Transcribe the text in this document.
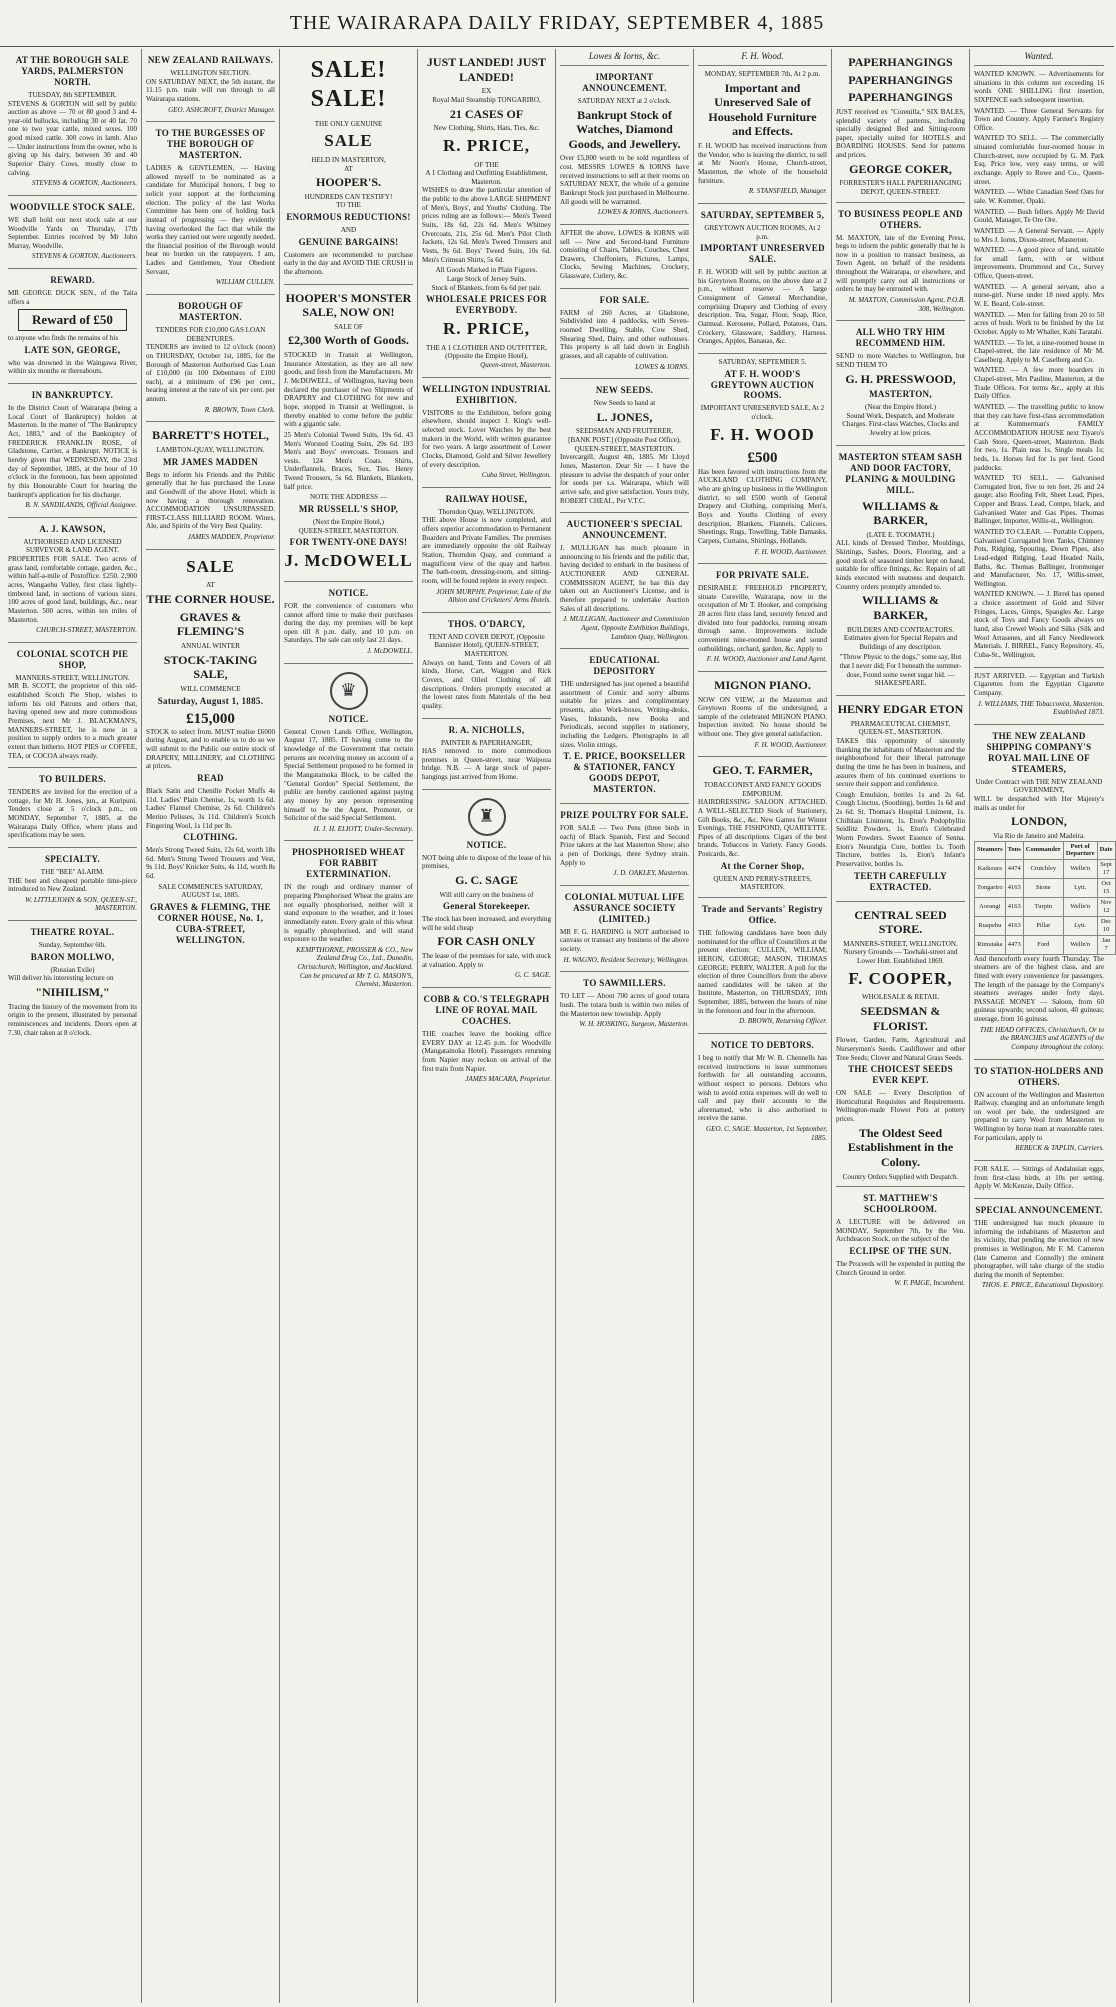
THE WAIRARAPA DAILY FRIDAY, SEPTEMBER 4, 1885
AT THE BOROUGH SALE YARDS, PALMERSTON NORTH.
TUESDAY, 8th SEPTEMBER.

STEVENS & GORTON will sell by public auction as above — 70 or 80 good 3 and 4-year-old bullocks, including 30 or 40 fat. 70 one to two year cattle, mixed sexes. 100 good mixed cattle. 300 cows in lamb. Also — Under instructions from the owner, who is giving up his dairy, between 30 and 40 Superior Dairy Cows, mostly close to calving.

STEVENS & GORTON, Auctioneers.

WOODVILLE STOCK SALE.

WE shall hold our next stock sale at our Woodville Yards on Thursday, 17th September. Entries received by Mr John Murray, Woodville.

STEVENS & GORTON, Auctioneers.

REWARD.

MR GEORGE DUCK SEN., of the Taita offers a

Reward of £50

to anyone who finds the remains of his

LATE SON, GEORGE,

who was drowned in the Waingawa River, within six months or thereabouts.

IN BANKRUPTCY.

In the District Court of Wairarapa (being a Local Court of Bankruptcy) holden at Masterton. In the matter of "The Bankruptcy Act, 1883," and of the Bankruptcy of FREDERICK FRANKLIN ROSE, of Gladstone, Carrier, a Bankrupt. NOTICE is hereby given that WEDNESDAY, the 23rd day of September, 1885, at the hour of 10 o'clock in the forenoon, has been appointed by this Honourable Court for hearing the bankrupt's application for his discharge.

B. N. SANDILANDS, Official Assignee.

A. J. KAWSON,
AUTHORISED AND LICENSED SURVEYOR & LAND AGENT.

PROPERTIES FOR SALE. Two acres of grass land, comfortable cottage, garden, &c., within half-a-mile of Postoffice. £250. 2,900 acres, Wangaehu Valley, first class lightly-timbered land, in sections of various sizes. 100 acres of good land, buildings, &c., near Masterton. 500 acres, within ten miles of Masterton.

CHURCH-STREET, MASTERTON.

COLONIAL SCOTCH PIE SHOP,
MANNERS-STREET, WELLINGTON.

MR B. SCOTT, the proprietor of this old-established Scotch Pie Shop, wishes to inform his old Patrons and others that, having opened new and more commodious Premises, next Mr J. BLACKMAN'S, MANNERS-STREET, he is now in a position to supply orders to a much greater extent than hitherto. HOT PIES or COFFEE, TEA, or COCOA always ready.

TO BUILDERS.

TENDERS are invited for the erection of a cottage, for Mr H. Jones, jun., at Kuripuni. Tenders close at 5 o'clock p.m., on MONDAY, September 7, 1885, at the Wairarapa Daily Office, where plans and specifications may be seen.

SPECIALTY.
THE "BEE" ALARM.

THE best and cheapest portable time-piece introduced to New Zealand.

W. LITTLEJOHN & SON, QUEEN-ST., MASTERTON.

THEATRE ROYAL.
Sunday, September 6th.
BARON MOLLWO,
(Russian Exile)

Will deliver his interesting lecture on

"NIHILISM,"

Tracing the history of the movement from its origin to the present, illustrated by personal reminiscences and incidents. Doors open at 7.30, chair taken at 8 o'clock.

NEW ZEALAND RAILWAYS.
WELLINGTON SECTION.

ON SATURDAY NEXT, the 5th instant, the 11.15 p.m. train will run through to all Wairarapa stations.

GEO. ASHCROFT, District Manager.

TO THE BURGESSES OF THE BOROUGH OF MASTERTON.

LADIES & GENTLEMEN, — Having allowed myself to be nominated as a candidate for Municipal honors, I beg to solicit your support at the forthcoming election. The policy of the last Works Committee has been one of holding back instead of progressing — they evidently having overlooked the fact that while the works they carried out were urgently needed, the financial position of the Borough would bear no burden on the ratepayers. I am, Ladies and Gentlemen, Your Obedient Servant,

WILLIAM CULLEN.

BOROUGH OF MASTERTON.
TENDERS FOR £10,000 GAS LOAN DEBENTURES.

TENDERS are invited to 12 o'clock (noon) on THURSDAY, October 1st, 1885, for the Borough of Masterton Authorised Gas Loan of £10,000 (in 100 Debentures of £100 each), at a minimum of £96 per cent., bearing interest at the rate of six per cent. per annum.

R. BROWN, Town Clerk.

BARRETT'S HOTEL,
LAMBTON-QUAY, WELLINGTON.
MR JAMES MADDEN

Begs to inform his Friends and the Public generally that he has purchased the Lease and Goodwill of the above Hotel, which is now having a thorough renovation. ACCOMMODATION UNSURPASSED. FIRST-CLASS BILLIARD ROOM. Wines, Ale, and Spirits of the Very Best Quality.

JAMES MADDEN, Proprietor.

SALE
AT
THE CORNER HOUSE.
GRAVES & FLEMING'S
ANNUAL WINTER
STOCK-TAKING SALE,
WILL COMMENCE
Saturday, August 1, 1885.
£15,000

STOCK to select from. MUST realise £6000 during August, and to enable us to do so we will submit to the Public our entire stock of DRAPERY, MILLINERY, and CLOTHING at prices.

READ

Black Satin and Chenille Pocket Muffs 4s 11d. Ladies' Plain Chenise, 1s, worth 1s 6d. Ladies' Flannel Chemise, 2s 6d. Children's Merino Pelisses, 3s 11d. Children's Scotch Fingering Wool, 1s 11d per lb.

CLOTHING.

Men's Strong Tweed Suits, 12s 6d, worth 18s 6d. Men's Strong Tweed Trousers and Vest, 9s 11d. Boys' Knicker Suits, 4s 11d, worth 8s 6d.

SALE COMMENCES SATURDAY, AUGUST 1st, 1885.
GRAVES & FLEMING, THE CORNER HOUSE, No. 1, CUBA-STREET, WELLINGTON.
SALE! SALE!
THE ONLY GENUINE
SALE
HELD IN MASTERTON,
AT
HOOPER'S.
HUNDREDS CAN TESTIFY!
TO THE
ENORMOUS REDUCTIONS!
AND
GENUINE BARGAINS!

Customers are recommended to purchase early in the day and AVOID THE CRUSH in the afternoon.

HOOPER'S MONSTER SALE, NOW ON!
SALE OF
£2,300 Worth of Goods.

STOCKED in Transit at Wellington, Insurance Attestation, as they are all new goods, and fresh from the Manufacturers. Mr J. McDOWELL, of Wellington, having been declared the purchaser of two Shipments of DRAPERY and CLOTHING for new and hope, stopped in Transit at Wellington, is thereby enabled to come before the public with a gigantic sale.

25 Men's Colonial Tweed Suits, 19s 6d. 43 Men's Worsted Coating Suits, 29s 6d. 193 Men's and Boys' overcoats. Trousers and vests. 124 Men's Coats. Shirts, Underflannels, Braces, Sox, Ties. Henry Tweed Trousers, 5s 6d. Blankets, Blankets, half price.

NOTE THE ADDRESS —
MR RUSSELL'S SHOP,
(Next the Empire Hotel,)
QUEEN-STREET, MASTERTON.
FOR TWENTY-ONE DAYS!
J. McDOWELL
NOTICE.

FOR the convenience of customers who cannot afford time to make their purchases during the day, my premises will be kept open till 8 p.m. daily, and 10 p.m. on Saturdays. The sale can only last 21 days.

J. McDOWELL.

♛
NOTICE.

General Crown Lands Office, Wellington, August 17, 1885. IT having come to the knowledge of the Government that certain persons are receiving money on account of a Special Settlement proposed to be formed in the Mangatainoka Block, to be called the "General Gordon" Special Settlement, the public are hereby cautioned against paying any money by any person representing himself to be the Agent, Promoter, or Solicitor of the said Special Settlement.

H. J. H. ELIOTT, Under-Secretary.

PHOSPHORISED WHEAT FOR RABBIT EXTERMINATION.

IN the rough and ordinary manner of preparing Phosphorised Wheat the grains are not equally phosphorised, neither will it stand exposure to the weather, and it loses immediately eaten. Every grain of this wheat is equally phosphorised, and will stand exposure to the weather.

KEMPTHORNE, PROSSER & CO., New Zealand Drug Co., Ltd., Dunedin, Christchurch, Wellington, and Auckland. Can be procured at Mr T. G. MASON'S, Chemist, Masterton.

JUST LANDED! JUST LANDED!
EX
Royal Mail Steamship TONGARIRO,
21 CASES OF
New Clothing, Shirts, Hats, Ties, &c.
R. PRICE,
OF THE
A 1 Clothing and Outfitting Establishment, Masterton.

WISHES to draw the particular attention of the public to the above LARGE SHIPMENT of Men's, Boys', and Youths' Clothing. The prices ruling are as follows:— Men's Tweed Suits, 18s 6d, 22s 6d. Men's Whitney Overcoats, 21s, 25s 6d. Men's Pilot Cloth Jackets, 12s 6d. Men's Tweed Trousers and Vests, 9s 6d. Boys' Tweed Suits, 10s 6d. Men's Crimean Shirts, 5s 6d.

All Goods Marked in Plain Figures.
Large Stock of Jersey Suits.
Stock of Blankets, from 6s 6d per pair.
WHOLESALE PRICES FOR EVERYBODY.
R. PRICE,
THE A 1 CLOTHIER AND OUTFITTER,
(Opposite the Empire Hotel),

Queen-street, Masterton.

WELLINGTON INDUSTRIAL EXHIBITION.

VISITORS to the Exhibition, before going elsewhere, should inspect J. King's well-selected stock. Lover Watches by the best makers in the World, with written guarantee for two years. A large assortment of Lower Clocks, Diamond, Gold and Silver Jewellery of every description.

Cuba Street, Wellington.

RAILWAY HOUSE,
Thorndon Quay, WELLINGTON.

THE above House is now completed, and offers superior accommodation to Permanent Boarders and Private Families. The premises are immediately opposite the old Railway Station, Thorndon Quay, and command a magnificent view of the quay and harbor. The bath-room, dressing-room, and sitting-room, will be found replete in every respect.

JOHN MURPHY, Proprietor, Late of the Albion and Cricketers' Arms Hotels.

THOS. O'DARCY,
TENT AND COVER DEPOT, (Opposite Bannister Hotel), QUEEN-STREET, MASTERTON.

Always on hand, Tents and Covers of all kinds, Horse, Cart, Waggon and Rick Covers, and Oiled Clothing of all descriptions. Orders promptly executed at the lowest rates from Materials of the best quality.

R. A. NICHOLLS,
PAINTER & PAPERHANGER,

HAS removed to more commodious premises in Queen-street, near Waipoua bridge. N.B. — A large stock of paper-hangings just arrived from Home.

♜
NOTICE.

NOT being able to dispose of the lease of his premises,

G. C. SAGE
Will still carry on the business of
General Storekeeper.

The stock has been increased, and everything will be sold cheap

FOR CASH ONLY

The lease of the premises for sale, with stock at valuation. Apply to

G. C. SAGE.

COBB & CO.'S TELEGRAPH LINE OF ROYAL MAIL COACHES.

THE coaches leave the booking office EVERY DAY at 12.45 p.m. for Woodville (Mangatainoka Hotel). Passengers returning from Napier may reckon on arrival of the first train from Napier.

JAMES MACARA, Proprietor.

Lowes & Iorns, &c.
IMPORTANT ANNOUNCEMENT.
SATURDAY NEXT at 2 o'clock.
Bankrupt Stock of Watches, Diamond Goods, and Jewellery.

Over £5,800 worth to be sold regardless of cost. MESSRS LOWES & IORNS have received instructions to sell at their rooms on SATURDAY NEXT, the whole of a genuine Bankrupt Stock just purchased in Melbourne. All goods will be warranted.

LOWES & IORNS, Auctioneers.

AFTER the above, LOWES & IORNS will sell — New and Second-hand Furniture consisting of Chairs, Tables, Couches, Chest Drawers, Cheffoniers, Pictures, Lamps, Clocks, Sewing Machines, Crockery, Glassware, Cutlery, &c.

FOR SALE.

FARM of 260 Acres, at Gladstone, Subdivided into 4 paddocks, with Seven-roomed Dwelling, Stable, Cow Shed, Shearing Shed, Dairy, and other outhouses. This property is all laid down in English grasses, and all capable of cultivation.

LOWES & IORNS.

NEW SEEDS.
New Seeds to hand at
L. JONES,
SEEDSMAN AND FRUITERER,
[BANK POST.] (Opposite Post Office), QUEEN-STREET, MASTERTON.

Invercargill, August 4th, 1885. Mr Lloyd Jones, Masterton. Dear Sir — I have the pleasure to advise the despatch of your order for seeds per s.s. Wairarapa, which will arrive safe, and give satisfaction. Yours truly, ROBERT CHEAL, Per V.T.C.

AUCTIONEER'S SPECIAL ANNOUNCEMENT.

J. MULLIGAN has much pleasure in announcing to his friends and the public that, having decided to embark in the business of AUCTIONEER AND GENERAL COMMISSION AGENT, he has this day taken out an Auctioneer's License, and is therefore prepared to undertake Auction Sales of all descriptions.

J. MULLIGAN, Auctioneer and Commission Agent, Opposite Exhibition Buildings, Lambton Quay, Wellington.

EDUCATIONAL DEPOSITORY

THE undersigned has just opened a beautiful assortment of Comic and sorry albums suitable for prizes and complimentary presents, also Work-boxes, Writing-desks, Vases, Inkstands, new Books and Periodicals, second supplies in stationery, including the Ledgers. Photographs in all sizes. Violin strings.

T. E. PRICE, BOOKSELLER & STATIONER, FANCY GOODS DEPOT, MASTERTON.
PRIZE POULTRY FOR SALE.

FOR SALE — Two Pens (three birds in each) of Black Spanish, First and Second Prize takers at the last Masterton Show; also a pen of Dorkings, three Sydney strain. Apply to

J. D. OAKLEY, Masterton.

COLONIAL MUTUAL LIFE ASSURANCE SOCIETY (LIMITED.)

MR F. G. HARDING is NOT authorised to canvass or transact any business of the above society.

H. WAGNO, Resident Secretary, Wellington.

TO SAWMILLERS.

TO LET — About 700 acres of good totara bush. The totara bush is within two miles of the Masterton new township. Apply

W. H. HOSKING, Surgeon, Masterton.

F. H. Wood.
MONDAY, SEPTEMBER 7th, At 2 p.m.
Important and Unreserved Sale of Household Furniture and Effects.

F. H. WOOD has received instructions from the Vendor, who is leaving the district, to sell at Mr Noon's House, Church-street, Masterton, the whole of the household furniture.

R. STANSFIELD, Manager.

SATURDAY, SEPTEMBER 5,
GREYTOWN AUCTION ROOMS, At 2 p.m.
IMPORTANT UNRESERVED SALE.

F. H. WOOD will sell by public auction at his Greytown Rooms, on the above date at 2 p.m., without reserve — A large Consignment of General Merchandise, comprising Drapery and Clothing of every description. Tea, Sugar, Flour, Soap, Rice, Oatmeal. Kerosene, Pollard, Potatoes, Oats, Crockery, Glassware, Saddlery, Harness. Oranges, Apples, Bananas, &c.

SATURDAY, SEPTEMBER 5.
AT F. H. WOOD'S GREYTOWN AUCTION ROOMS.
IMPORTANT UNRESERVED SALE, At 2 o'clock.
F. H. WOOD
£500

Has been favored with instructions from the AUCKLAND CLOTHING COMPANY, who are giving up business in the Wellington district, to sell £500 worth of General Drapery and Clothing, comprising Men's, Boys and Youths Clothing of every description, Blankets, Flannels, Calicoes, Sheetings, Rugs, Towelling, Table Damasks, Carpets, Curtains, Shirtings, Hollands.

F. H. WOOD, Auctioneer.

FOR PRIVATE SALE.

DESIRABLE FREEHOLD PROPERTY, situate Cureville, Wairarapa, now in the occupation of Mr T. Hooker, and comprising 28 acres first class land, securely fenced and divided into four paddocks, running stream through same. Improvements include convenient nine-roomed house and sound outbuildings, orchard, garden, &c. Apply to

F. H. WOOD, Auctioneer and Land Agent.

MIGNON PIANO.

NOW ON VIEW, at the Masterton and Greytown Rooms of the undersigned, a sample of the celebrated MIGNON PIANO. Inspection invited. No house should be without one. They give general satisfaction.

F. H. WOOD, Auctioneer.

GEO. T. FARMER,
TOBACCONIST AND FANCY GOODS EMPORIUM.

HAIRDRESSING SALOON ATTACHED. A WELL-SELECTED Stock of Stationery, Gift Books, &c., &c. New Games for Winter Evenings, THE FISHPOND, QUARTETTE. Pipes of all descriptions. Cigars of the best brands. Tobaccos in Variety. Fancy Goods. Postcards, &c.

At the Corner Shop,
QUEEN AND PERRY-STREETS, MASTERTON.
Trade and Servants' Registry Office.

THE following candidates have been duly nominated for the office of Councillors at the present election: CULLEN, WILLIAM; HERON, GEORGE; MASON, THOMAS GEORGE; PERRY, WALTER. A poll for the election of three Councillors from the above named candidates will be taken at the Institute, Masterton, on THURSDAY, 10th September, 1885, between the hours of nine in the forenoon and four in the afternoon.

D. BROWN, Returning Officer.

NOTICE TO DEBTORS.

I beg to notify that Mr W. B. Chennells has received instructions to issue summonses forthwith for all outstanding accounts, without respect to persons. Debtors who wish to avoid extra expenses will do well to call and pay their accounts to the aforenamed, who is also authorised to receive the same.

GEO. C. SAGE. Masterton, 1st September, 1885.

PAPERHANGINGS
PAPERHANGINGS
PAPERHANGINGS

JUST received ex "Corenilla," SIX BALES, splendid variety of patterns, including specially designed Bed and Sitting-room paper, specially suited for HOTELS and BOARDING HOUSES. Send for patterns and prices.

GEORGE COKER,
FORRESTER'S HALL PAPERHANGING DEPOT, QUEEN-STREET.
TO BUSINESS PEOPLE AND OTHERS.

M. MAXTON, late of the Evening Press, begs to inform the public generally that he is now in a position to transact business, as Town Agent, on behalf of the residents throughout the Wairarapa, or elsewhere, and will promptly carry out all instructions or orders he may be entrusted with.

M. MAXTON, Commission Agent, P.O.B. 308, Wellington.

ALL WHO TRY HIM RECOMMEND HIM.

SEND to more Watches to Wellington, but SEND THEM TO

G. H. PRESSWOOD,
MASTERTON,
(Near the Empire Hotel.)

Sound Work, Despatch, and Moderate Charges. First-class Watches, Clocks and Jewelry at low prices.

MASTERTON STEAM SASH AND DOOR FACTORY, PLANING & MOULDING MILL.
WILLIAMS & BARKER,
(LATE E. TOOMATH.)

ALL kinds of Dressed Timber, Mouldings, Skirtings, Sashes, Doors, Flooring, and a good stock of seasoned timber kept on hand, suitable for office fittings, &c. Repairs of all kinds executed with neatness and despatch. Country orders promptly attended to.

WILLIAMS & BARKER,
BUILDERS AND CONTRACTORS.

Estimates given for Special Repairs and Buildings of any description.

"Throw Physic to the dogs," some say, But that I never did; For I beneath the summer-dose, Found some sweet sugar hid. — SHAKESPEARE.

HENRY EDGAR ETON
PHARMACEUTICAL CHEMIST,
QUEEN-ST., MASTERTON.

TAKES this opportunity of sincerely thanking the inhabitants of Masterton and the neighbourhood for their liberal patronage during the time he has been in business, and assures them of his continued exertions to secure their support and confidence.

Cough Emulsion, bottles 1s and 2s 6d. Cough Linctus, (Soothing), bottles 1s 6d and 2s 6d. St. Thomas's Hospital Liniment, 1s. Chilblain Liniment, 1s. Eton's Podophyllin Seidlitz Powders, 1s. Eton's Celebrated Worm Powders. Sweet Essence of Senna. Eton's Neuralgia Cure, bottles 1s. Tooth Tincture, bottles 1s. Eton's Infant's Preservative, bottles 1s.

TEETH CAREFULLY EXTRACTED.
CENTRAL SEED STORE.
MANNERS-STREET, WELLINGTON.

Nursery Grounds — Tawhaki-street and Lower Hutt. Established 1869.

F. COOPER,
WHOLESALE & RETAIL
SEEDSMAN & FLORIST.

Flower, Garden, Farm, Agricultural and Nurserymen's Seeds. Cauliflower and other Tree Seeds; Clover and Natural Grass Seeds.

THE CHOICEST SEEDS EVER KEPT.

ON SALE — Every Description of Horticultural Requisites and Requirements. Wellington-made Flower Pots at pottery prices.

The Oldest Seed Establishment in the Colony.
Country Orders Supplied with Despatch.
ST. MATTHEW'S SCHOOLROOM.

A LECTURE will be delivered on MONDAY, September 7th, by the Ven. Archdeacon Stock, on the subject of the

ECLIPSE OF THE SUN.

The Proceeds will be expended in putting the Church Ground in order.

W. F. PAIGE, Incumbent.

Wanted.

WANTED KNOWN. — Advertisements for situations in this column not exceeding 16 words ONE SHILLING first insertion, SIXPENCE each subsequent insertion.

WANTED. — Three General Servants for Town and Country. Apply Farmer's Registry Office.

WANTED TO SELL. — The commercially situated comfortable four-roomed house in Church-street, now occupied by G. M. Park Esq. Price low, very easy terms, or will exchange. Apply to Rowe and Co., Queen-street.

WANTED. — White Canadian Seed Oats for sale. W. Kummer, Opaki.

WANTED. — Bush fellers. Apply Mr David Gould, Manager, Te Ore Ore.

WANTED. — A General Servant. — Apply to Mrs J. Iorns, Dixon-street, Masterton.

WANTED. — A good piece of land, suitable for small farm, with or without improvements. Drummond and Co., Survey Office, Queen-street.

WANTED. — A general servant, also a nurse-girl. Nurse under 18 need apply. Mrs W. E. Beard, Cole-street.

WANTED. — Men for falling from 20 to 50 acres of bush. Work to be finished by the 1st October. Apply to Mr Whalier, Kahi Taratahi.

WANTED. — To let, a nine-roomed house in Chapel-street, the late residence of Mr M. Caselberg. Apply to M. Caselberg and Co.

WANTED. — A few more boarders in Chapel-street, Mrs Pauline, Masterton, at the Trade Offices. For terms &c., apply at this Daily Office.

WANTED. — The travelling public to know that they can have first-class accommodation at Kummerman's FAMILY ACCOMMODATION HOUSE next Tiyaro's Cash Store, Queen-street, Masterton. Beds for two, 1s. Plain teas 1s. Single meals 1s; beds, 1s. Horses fed for 1s per feed. Good paddocks.

WANTED TO SELL. — Galvanised Corrugated Iron, five to ten feet, 26 and 24 gauge; also Roofing Felt, Sheet Lead, Pipes, Copper and Brass. Lead, Compo, black, and Galvanised Water and Gas Pipes. Thomas Ballinger, Importer, Willis-st., Wellington.

WANTED TO CLEAR. — Portable Coppers, Galvanised Corrugated Iron Tanks, Chimney Pots, Ridging, Spouting, Down Pipes, also Lead-edged Ridging, Lead Headed Nails, Baths, &c. Thomas Ballinger, Ironmonger and Manufacturer, No. 17, Willis-street, Wellington.

WANTED KNOWN. — J. Birrel has opened a choice assortment of Gold and Silver Fringes, Laces, Gimps, Spangles &c. Large stock of Toys and Fancy Goods always on hand, also Crewel Wools and Silks (Silk and Wool Arrasenes, and all Fancy Needlework Materials. J. BIRREL, Fancy Repository, 45, Cuba-St., Wellington.

JUST ARRIVED. — Egyptian and Turkish Cigarettes from the Egyptian Cigarette Company.

J. WILLIAMS, THE Tobacconist, Masterton. Established 1873.

THE NEW ZEALAND SHIPPING COMPANY'S ROYAL MAIL LINE OF STEAMERS,
Under Contract with THE NEW ZEALAND GOVERNMENT,

WILL be despatched with Her Majesty's mails as under for

LONDON,
Via Rio de Janeiro and Madeira.
Steamers	Tons	Commander	Port of Departure	Date
Kaikoura	4474	Crutchley	Welln'n	Sept 17
Tongariro	4163	Stone	Lytt.	Oct 15
Aorangi	4163	Turpin	Welln'n	Nov 12
Ruapehu	4163	Pillar	Lytt.	Dec 10
Rimutaka	4473	Ford	Welln'n	Jan 7

And thenceforth every fourth Thursday. The steamers are of the highest class, and are fitted with every convenience for passengers. The length of the passage by the Company's steamers averages under forty days. PASSAGE MONEY — Saloon, from 60 guineas upwards; second saloon, 40 guineas; steerage, from 16 guineas.

THE HEAD OFFICES, Christchurch, Or to the BRANCHES and AGENTS of the Company throughout the colony.

TO STATION-HOLDERS AND OTHERS.

ON account of the Wellington and Masterton Railway, changing and an unfortunate length on wool per bale, the undersigned are prepared to carry Wool from Masterton to Wellington by horse team at reasonable rates. For particulars, apply to

REBECK & TAPLIN, Carriers.

FOR SALE. — Sittings of Andalusian eggs, from first-class birds, at 10s per setting. Apply W. McKenzie, Daily Office.

SPECIAL ANNOUNCEMENT.

THE undersigned has much pleasure in informing the inhabitants of Masterton and its vicinity, that pending the erection of new premises in Wellington, Mr F. M. Cameron (late Cameron and Connolly) the eminent photographer, will take charge of the studio during the month of September.

THOS. E. PRICE, Educational Depository.
